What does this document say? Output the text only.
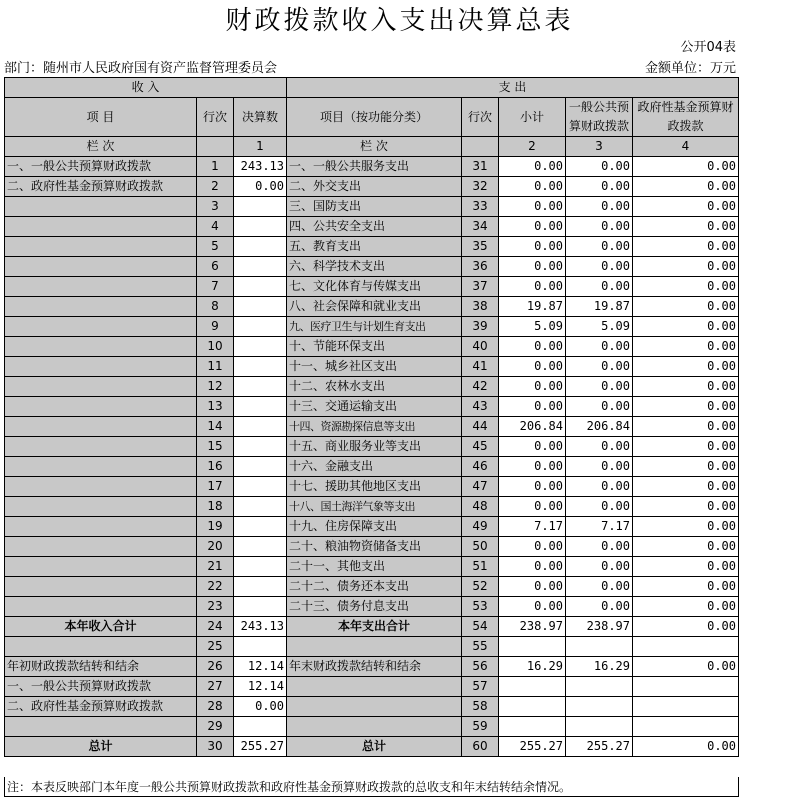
财政拨款收入支出决算总表
公开04表
部门：随州市人民政府国有资产监督管理委员会	金额单位：万元
收 入			支 出				
项 目	行次	决算数	项目（按功能分类）	行次	小计	一般公共预算财政拨款	政府性基金预算财政拨款
栏 次		1	栏 次		2	3	4
一、一般公共预算财政拨款	1	243.13	一、一般公共服务支出	31	0.00	0.00	0.00
二、政府性基金预算财政拨款	2	0.00	二、外交支出	32	0.00	0.00	0.00
	3		三、国防支出	33	0.00	0.00	0.00
	4		四、公共安全支出	34	0.00	0.00	0.00
	5		五、教育支出	35	0.00	0.00	0.00
	6		六、科学技术支出	36	0.00	0.00	0.00
	7		七、文化体育与传媒支出	37	0.00	0.00	0.00
	8		八、社会保障和就业支出	38	19.87	19.87	0.00
	9		九、医疗卫生与计划生育支出	39	5.09	5.09	0.00
	10		十、节能环保支出	40	0.00	0.00	0.00
	11		十一、城乡社区支出	41	0.00	0.00	0.00
	12		十二、农林水支出	42	0.00	0.00	0.00
	13		十三、交通运输支出	43	0.00	0.00	0.00
	14		十四、资源勘探信息等支出	44	206.84	206.84	0.00
	15		十五、商业服务业等支出	45	0.00	0.00	0.00
	16		十六、金融支出	46	0.00	0.00	0.00
	17		十七、援助其他地区支出	47	0.00	0.00	0.00
	18		十八、国土海洋气象等支出	48	0.00	0.00	0.00
	19		十九、住房保障支出	49	7.17	7.17	0.00
	20		二十、粮油物资储备支出	50	0.00	0.00	0.00
	21		二十一、其他支出	51	0.00	0.00	0.00
	22		二十二、债务还本支出	52	0.00	0.00	0.00
	23		二十三、债务付息支出	53	0.00	0.00	0.00
本年收入合计	24	243.13	本年支出合计	54	238.97	238.97	0.00
	25			55			
年初财政拨款结转和结余	26	12.14	年末财政拨款结转和结余	56	16.29	16.29	0.00
一、一般公共预算财政拨款	27	12.14		57			
二、政府性基金预算财政拨款	28	0.00		58			
	29			59			
总计	30	255.27	总计	60	255.27	255.27	0.00
注：本表反映部门本年度一般公共预算财政拨款和政府性基金预算财政拨款的总收支和年末结转结余情况。
